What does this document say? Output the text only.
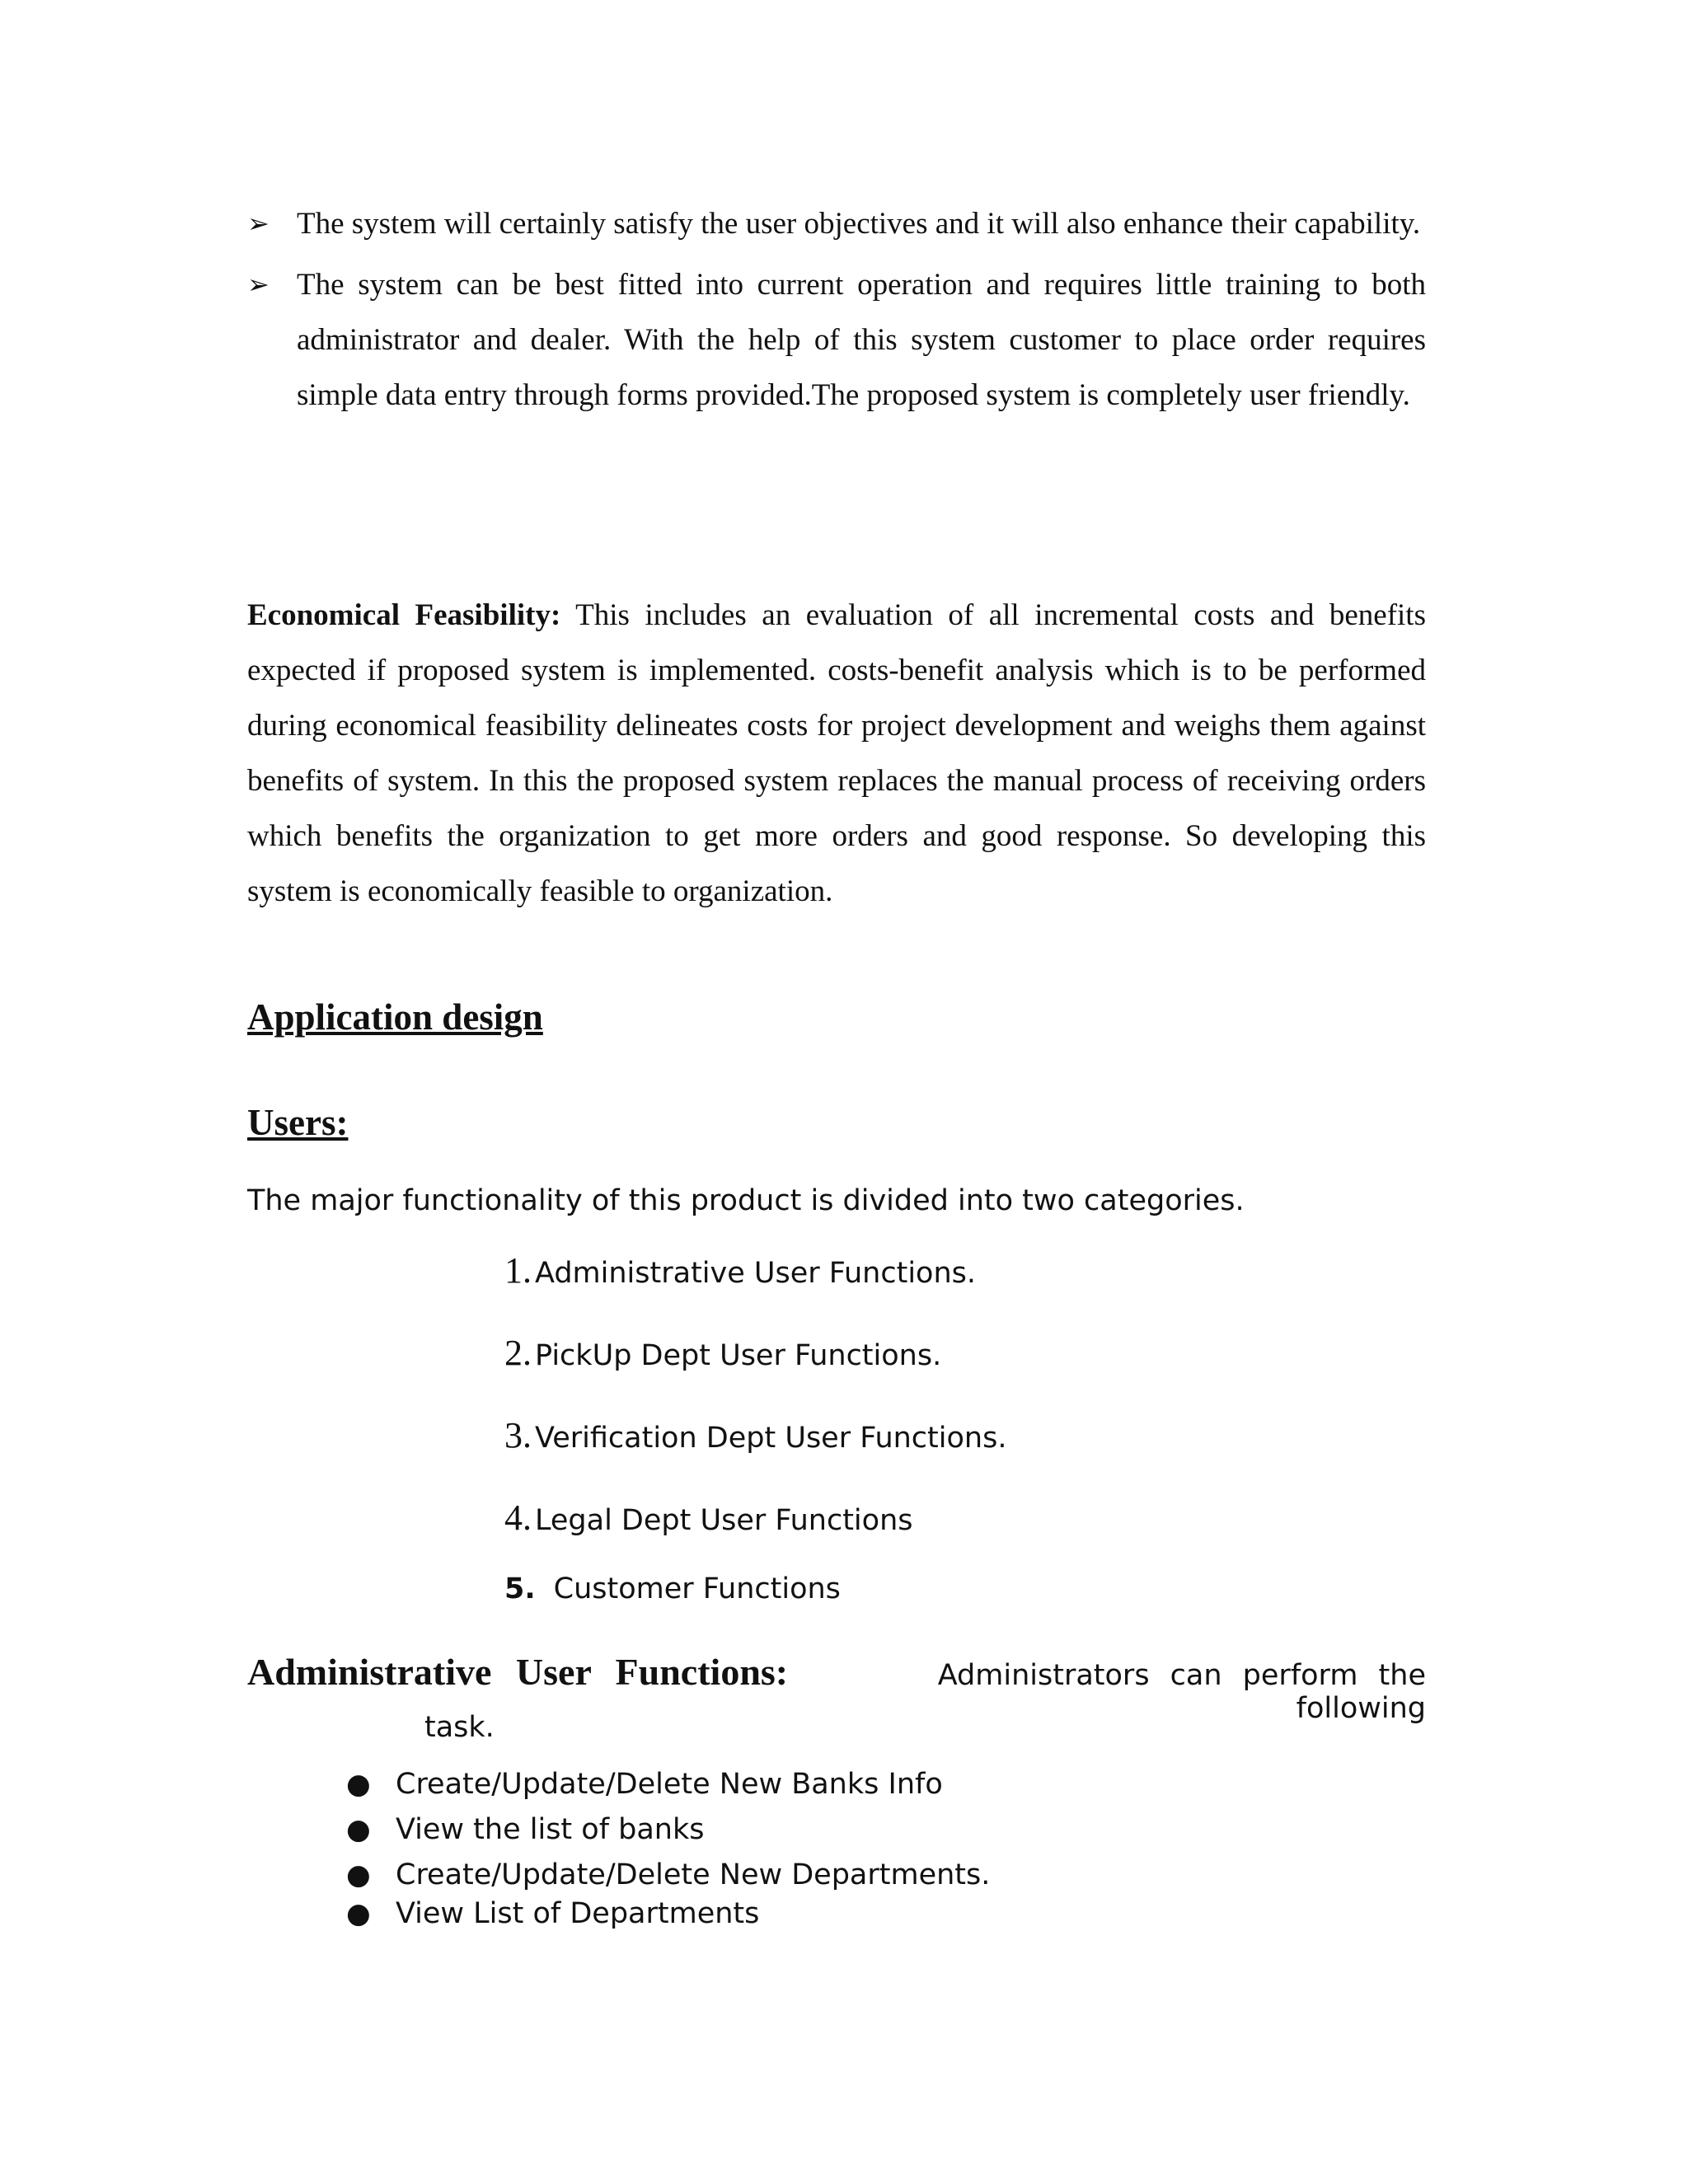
➢ The system will certainly satisfy the user objectives and it will also enhance their capability.
➢ The system can be best fitted into current operation and requires little training to both administrator and dealer. With the help of this system customer to place order requires simple data entry through forms provided.The proposed system is completely user friendly.

Economical Feasibility: This includes an evaluation of all incremental costs and benefits expected if proposed system is implemented. costs-benefit analysis which is to be performed during economical feasibility delineates costs for project development and weighs them against benefits of system. In this the proposed system replaces the manual process of receiving orders which benefits the organization to get more orders and good response. So developing this system is economically feasible to organization.

Application design
Users:

The major functionality of this product is divided into two categories.

1. Administrative User Functions.
2. PickUp Dept User Functions.
3. Verification Dept User Functions.
4. Legal Dept User Functions
5. Customer Functions
Administrative User Functions:	Administrators can perform the following

task.

● Create/Update/Delete New Banks Info
● View the list of banks
● Create/Update/Delete New Departments.
● View List of Departments
